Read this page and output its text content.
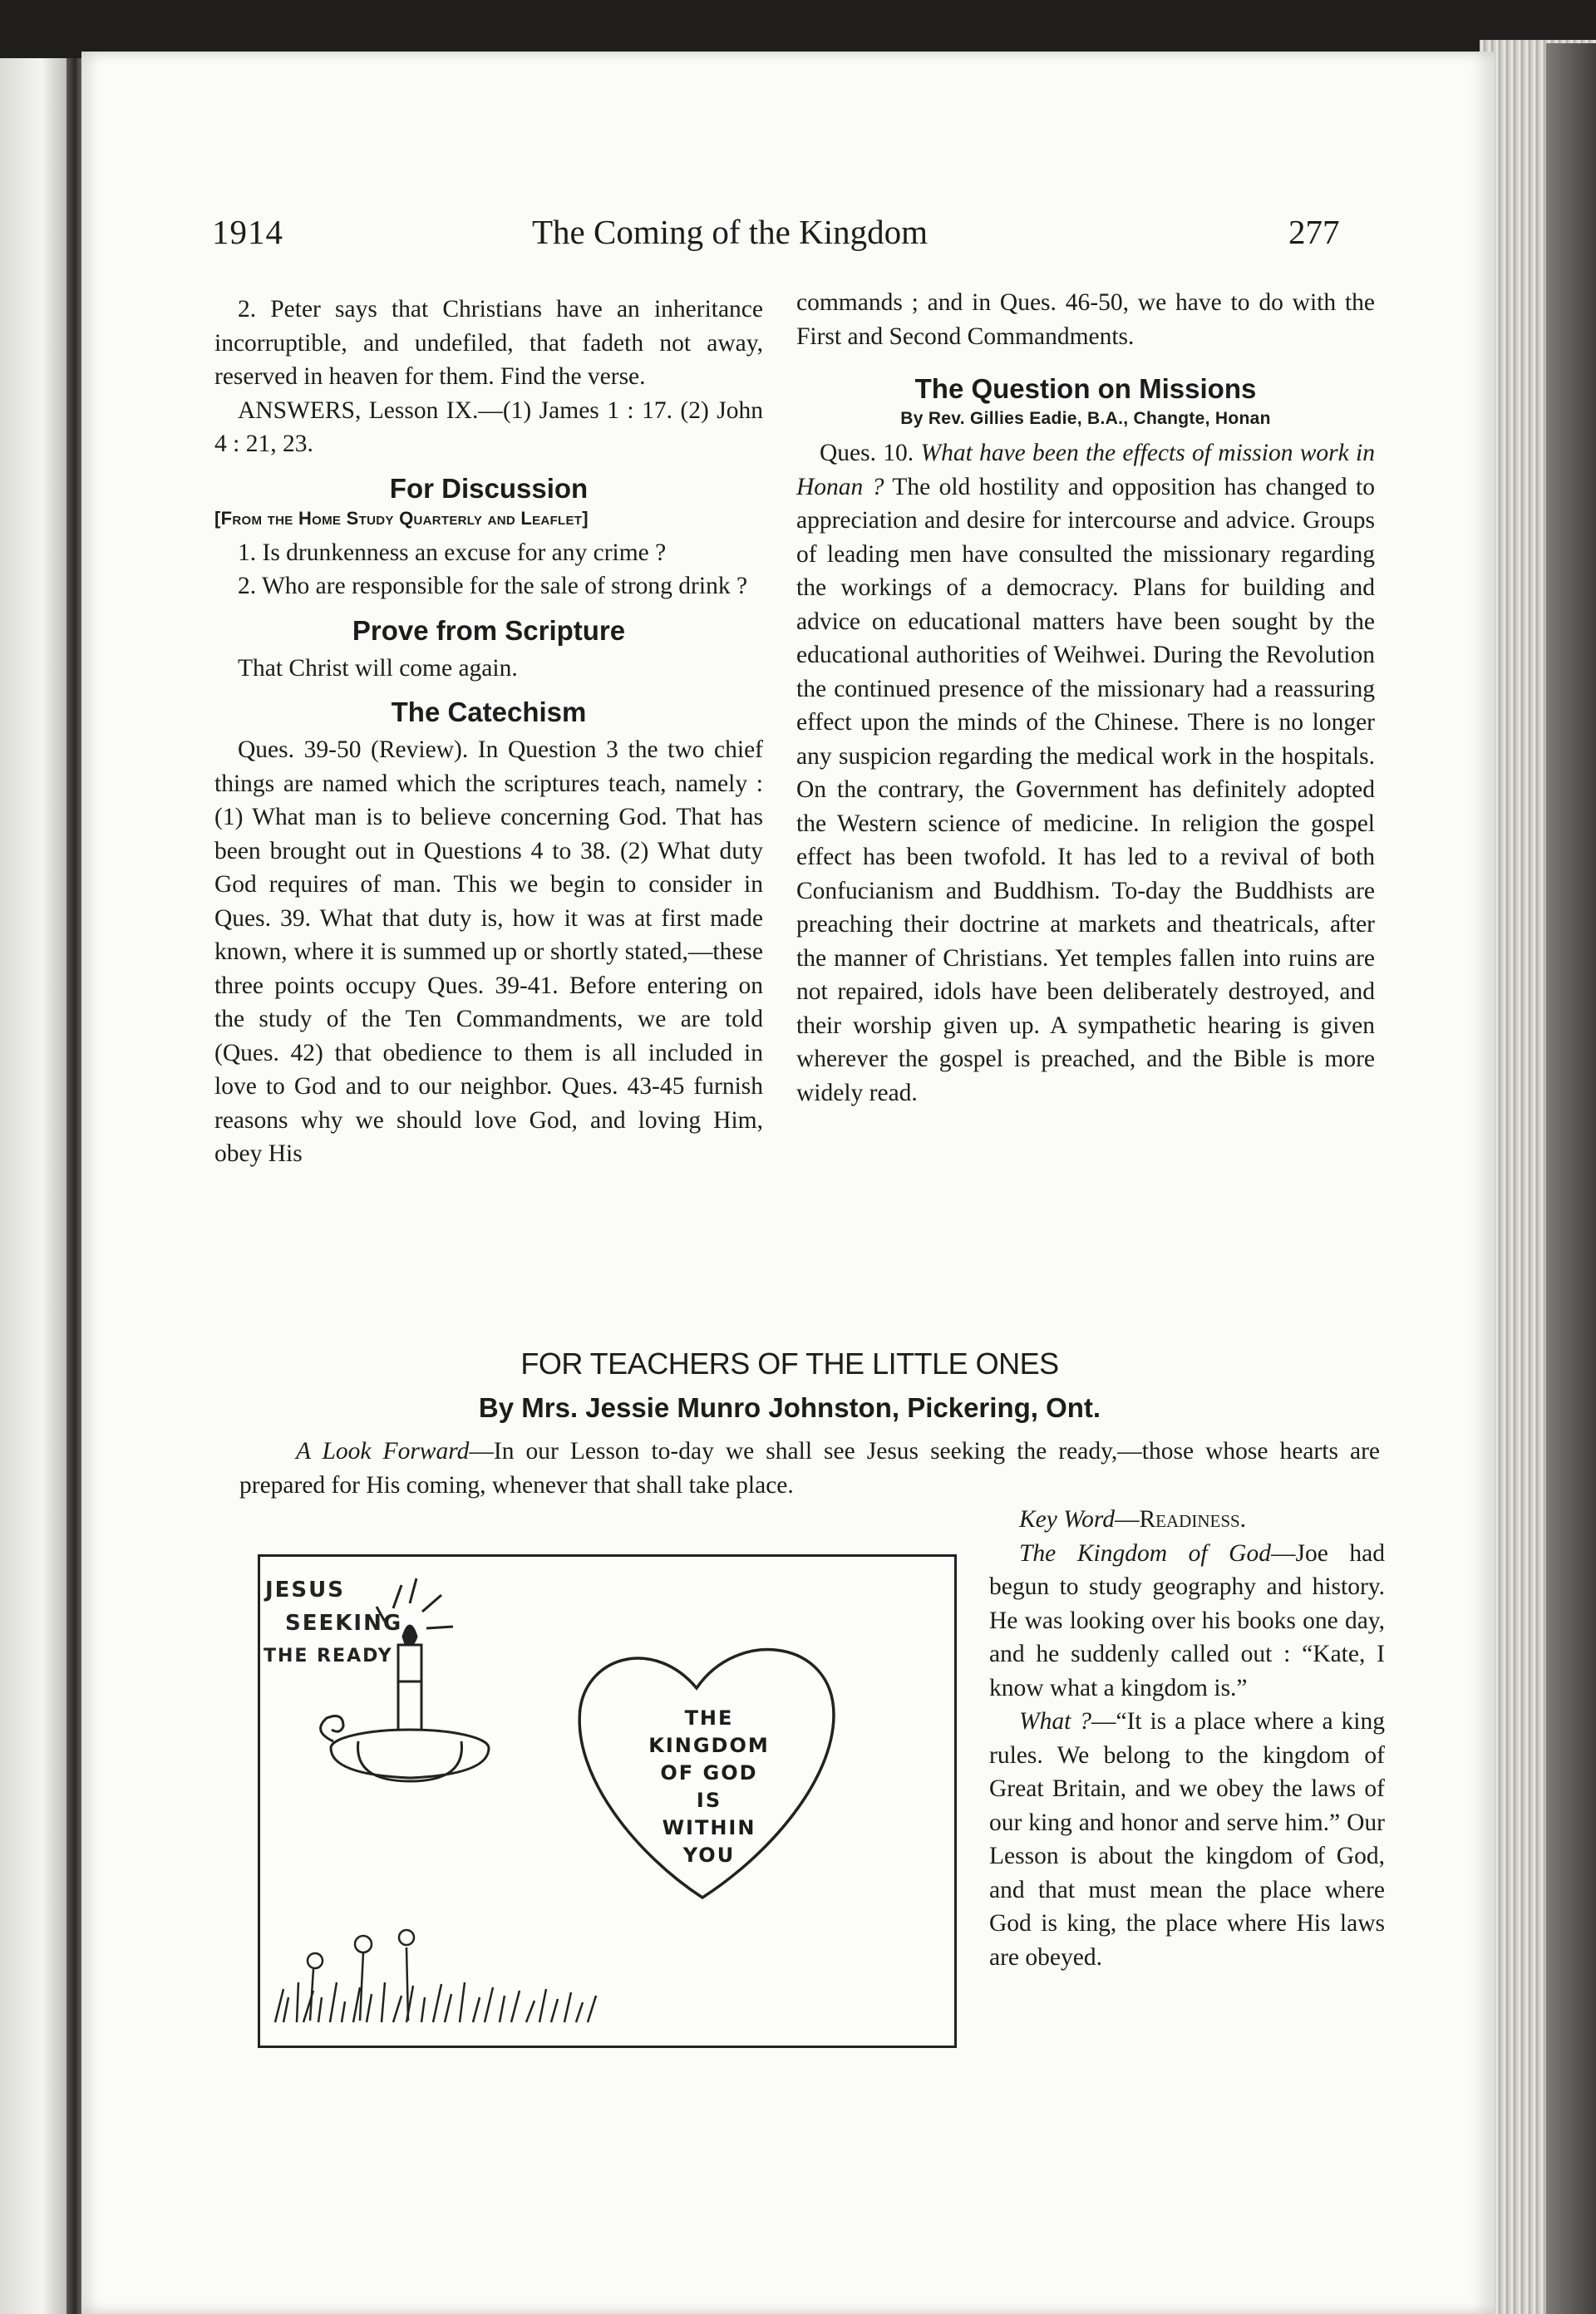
1914	The Coming of the Kingdom	277

2. Peter says that Christians have an inheritance incorruptible, and undefiled, that fadeth not away, reserved in heaven for them. Find the verse.

ANSWERS, Lesson IX.—(1) James 1 : 17. (2) John 4 : 21, 23.

For Discussion
[From the Home Study Quarterly and Leaflet]

1. Is drunkenness an excuse for any crime ?

2. Who are responsible for the sale of strong drink ?

Prove from Scripture

That Christ will come again.

The Catechism

Ques. 39-50 (Review). In Question 3 the two chief things are named which the scriptures teach, namely : (1) What man is to believe concerning God. That has been brought out in Questions 4 to 38. (2) What duty God requires of man. This we begin to consider in Ques. 39. What that duty is, how it was at first made known, where it is summed up or shortly stated,—these three points occupy Ques. 39-41. Before entering on the study of the Ten Commandments, we are told (Ques. 42) that obedience to them is all included in love to God and to our neighbor. Ques. 43-45 furnish reasons why we should love God, and loving Him, obey His

commands ; and in Ques. 46-50, we have to do with the First and Second Commandments.

The Question on Missions
By Rev. Gillies Eadie, B.A., Changte, Honan

Ques. 10. What have been the effects of mission work in Honan ? The old hostility and opposition has changed to appreciation and desire for intercourse and advice. Groups of leading men have consulted the missionary regarding the workings of a democracy. Plans for building and advice on educational matters have been sought by the educational authorities of Weihwei. During the Revolution the continued presence of the missionary had a reassuring effect upon the minds of the Chinese. There is no longer any suspicion regarding the medical work in the hospitals. On the contrary, the Government has definitely adopted the Western science of medicine. In religion the gospel effect has been twofold. It has led to a revival of both Confucianism and Buddhism. To-day the Buddhists are preaching their doctrine at markets and theatricals, after the manner of Christians. Yet temples fallen into ruins are not repaired, idols have been deliberately destroyed, and their worship given up. A sympathetic hearing is given wherever the gospel is preached, and the Bible is more widely read.

FOR TEACHERS OF THE LITTLE ONES
By Mrs. Jessie Munro Johnston, Pickering, Ont.

A Look Forward—In our Lesson to-day we shall see Jesus seeking the ready,—those whose hearts are prepared for His coming, whenever that shall take place.

Key Word—Readiness.

The Kingdom of God—Joe had begun to study geography and history. He was looking over his books one day, and he suddenly called out : “Kate, I know what a kingdom is.”

What ?—“It is a place where a king rules. We belong to the kingdom of Great Britain, and we obey the laws of our king and honor and serve him.” Our Lesson is about the kingdom of God, and that must mean the place where God is king, the place where His laws are obeyed.

JESUS
SEEKING
THE READY
THE KINGDOM
OF GOD
IS
WITHIN
YOU
